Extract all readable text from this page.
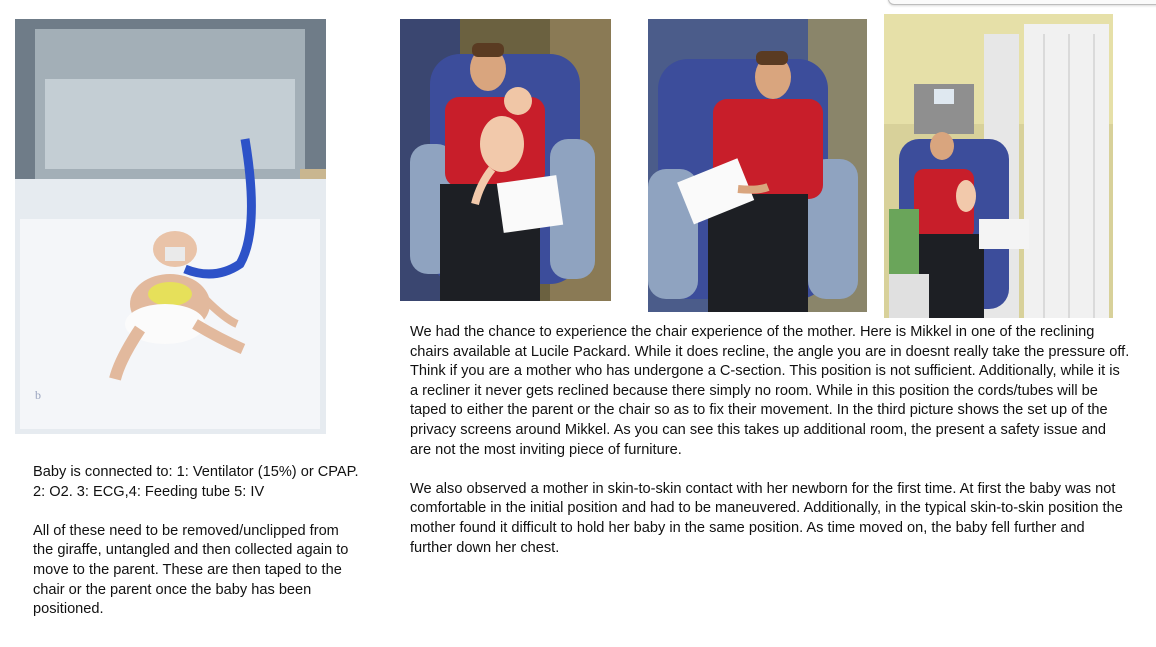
b

Baby is connected to: 1: Ventilator (15%) or CPAP. 2: O2. 3: ECG,4: Feeding tube 5: IV

All of these need to be removed/unclipped from the giraffe, untangled and then collected again to move to the parent. These are then taped to the chair or the parent once the baby has been positioned.

We had the chance to experience the chair experience of the mother. Here is Mikkel in one of the reclining chairs available at Lucile Packard. While it does recline, the angle you are in doesnt really take the pressure off. Think if you are a mother who has undergone a C-section. This position is not sufficient. Additionally, while it is a recliner it never gets reclined because there simply no room. While in this position the cords/tubes will be taped to either the parent or the chair so as to fix their movement. In the third picture shows the set up of the privacy screens around Mikkel. As you can see this takes up additional room, the present a safety issue and are not the most inviting piece of furniture.

We also observed a mother in skin-to-skin contact with her newborn for the first time. At first the baby was not comfortable in the initial position and had to be maneuvered. Additionally, in the typical skin-to-skin position the mother found it difficult to hold her baby in the same position. As time moved on, the baby fell further and further down her chest.
